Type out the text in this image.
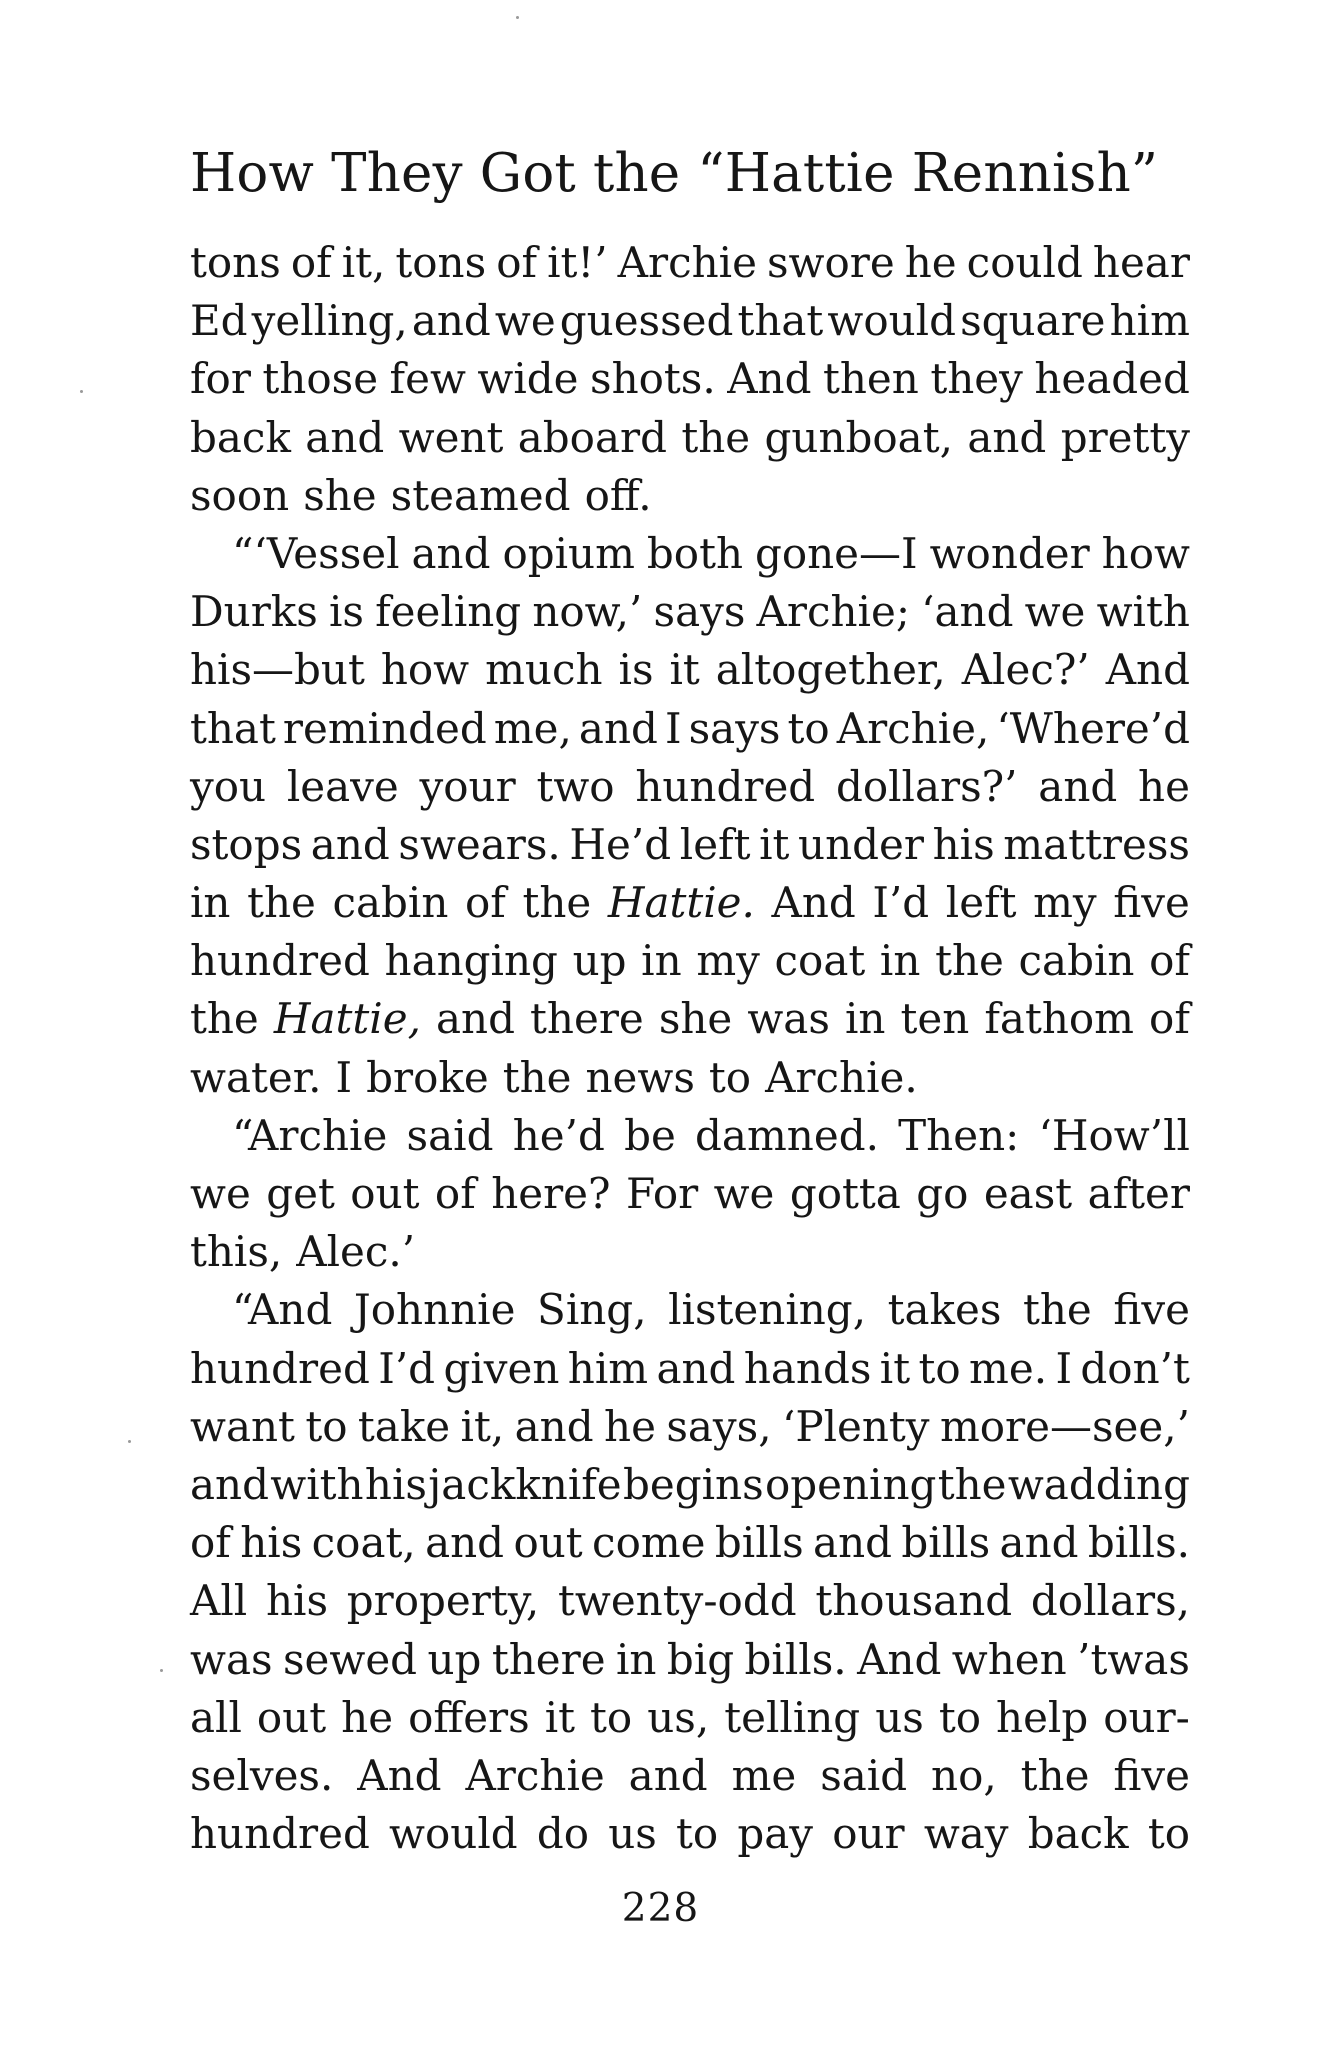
How They Got the “Hattie Rennish”
tons of it, tons of it!’ Archie swore he could hear
Ed yelling, and we guessed that would square him
for those few wide shots. And then they headed
back and went aboard the gunboat, and pretty
soon she steamed off.
 “‘Vessel and opium both gone—I wonder how
Durks is feeling now,’ says Archie; ‘and we with
his—but how much is it altogether, Alec?’ And
that reminded me, and I says to Archie, ‘Where’d
you leave your two hundred dollars?’ and he
stops and swears. He’d left it under his mattress
in the cabin of the Hattie. And I’d left my five
hundred hanging up in my coat in the cabin of
the Hattie, and there she was in ten fathom of
water. I broke the news to Archie.
 “Archie said he’d be damned. Then: ‘How’ll
we get out of here? For we gotta go east after
this, Alec.’
 “And Johnnie Sing, listening, takes the five
hundred I’d given him and hands it to me. I don’t
want to take it, and he says, ‘Plenty more—see,’
and with his jackknife begins opening the wadding
of his coat, and out come bills and bills and bills.
All his property, twenty-odd thousand dollars,
was sewed up there in big bills. And when ’twas
all out he offers it to us, telling us to help our-
selves. And Archie and me said no, the five
hundred would do us to pay our way back to
228
